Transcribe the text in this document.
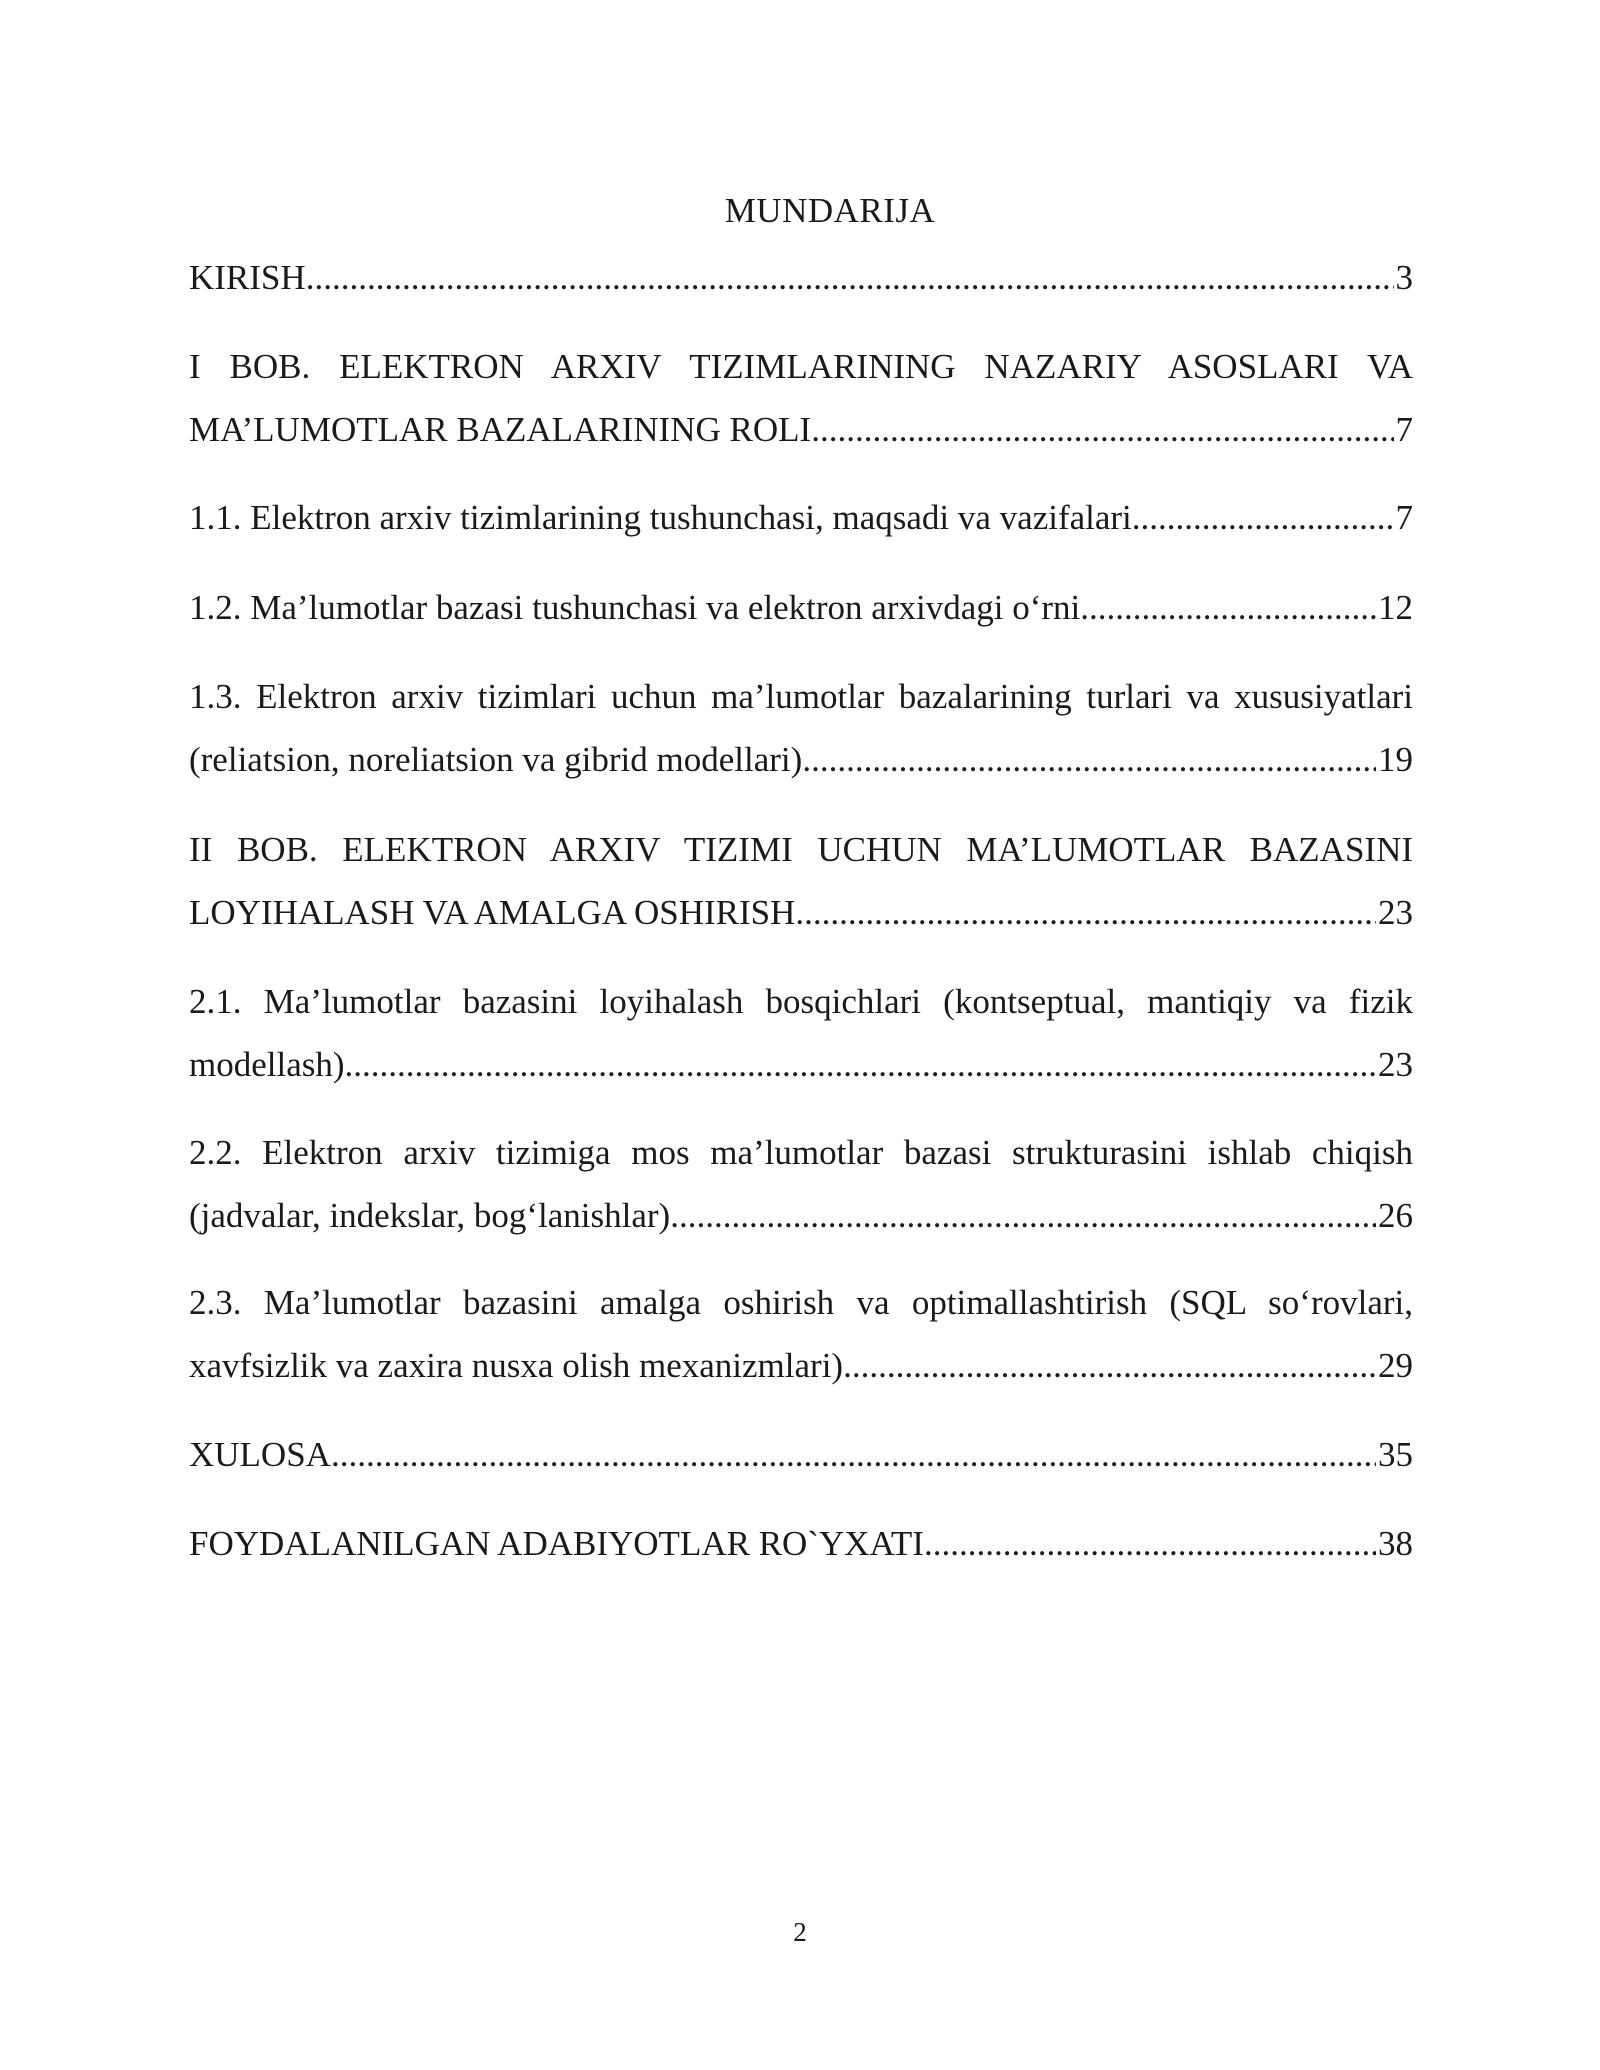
MUNDARIJA
KIRISH .....	3
I BOB. ELEKTRON ARXIV TIZIMLARINING NAZARIY ASOSLARI VA
MA’LUMOTLAR BAZALARINING ROLI .....	7
1.1. Elektron arxiv tizimlarining tushunchasi, maqsadi va vazifalari .....	7
1.2. Ma’lumotlar bazasi tushunchasi va elektron arxivdagi o‘rni .....	12
1.3. Elektron arxiv tizimlari uchun ma’lumotlar bazalarining turlari va xususiyatlari
(reliatsion, noreliatsion va gibrid modellari) .....	19
II BOB. ELEKTRON ARXIV TIZIMI UCHUN MA’LUMOTLAR BAZASINI
LOYIHALASH VA AMALGA OSHIRISH .....	23
2.1. Ma’lumotlar bazasini loyihalash bosqichlari (kontseptual, mantiqiy va fizik
modellash) .....	23
2.2. Elektron arxiv tizimiga mos ma’lumotlar bazasi strukturasini ishlab chiqish
(jadvalar, indekslar, bog‘lanishlar) .....	26
2.3. Ma’lumotlar bazasini amalga oshirish va optimallashtirish (SQL so‘rovlari,
xavfsizlik va zaxira nusxa olish mexanizmlari) .....	29
XULOSA .....	35
FOYDALANILGAN ADABIYOTLAR RO`YXATI .....	38
2
